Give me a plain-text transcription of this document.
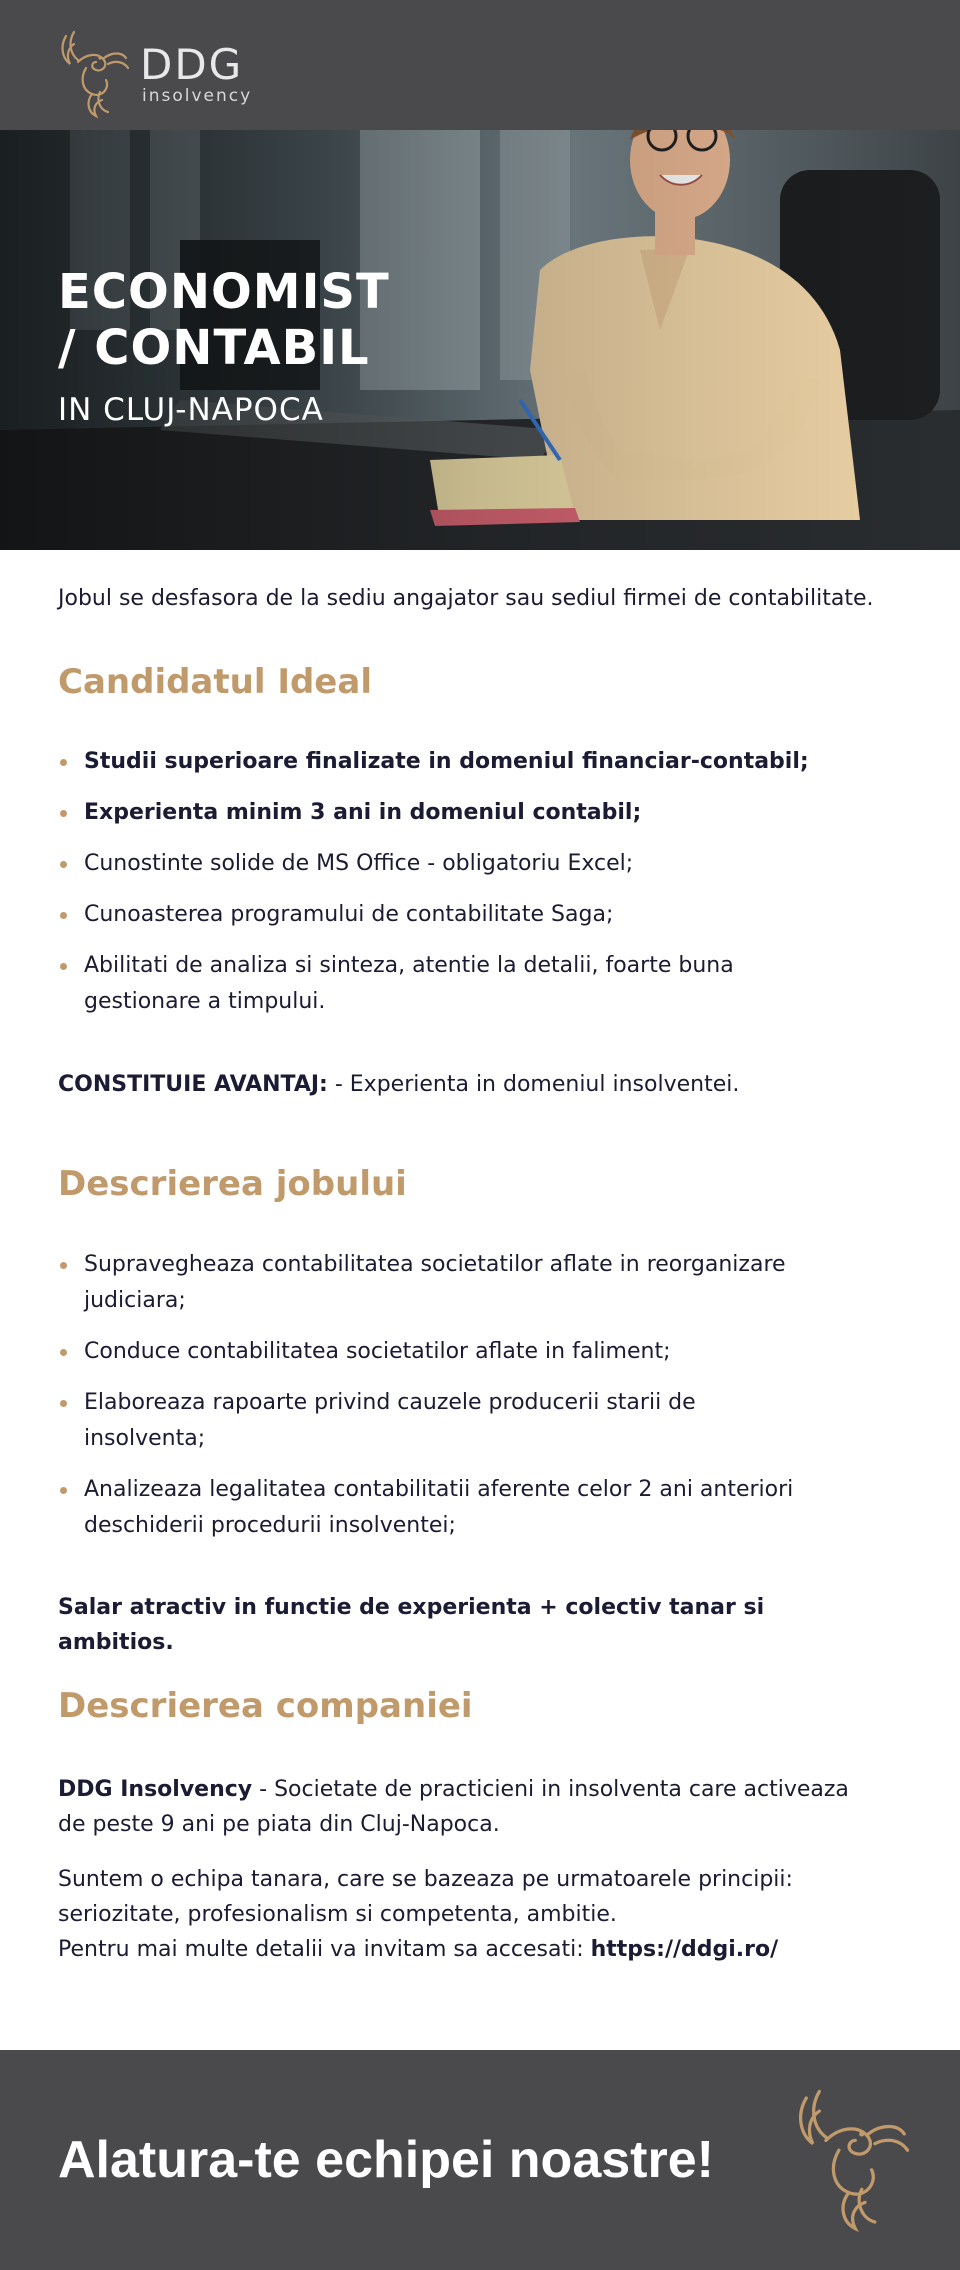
DDG
insolvency
ECONOMIST
/ CONTABIL
IN CLUJ-NAPOCA

Jobul se desfasora de la sediu angajator sau sediul firmei de contabilitate.

Candidatul Ideal
Studii superioare finalizate in domeniul financiar-contabil;
Experienta minim 3 ani in domeniul contabil;
Cunostinte solide de MS Office - obligatoriu Excel;
Cunoasterea programului de contabilitate Saga;
Abilitati de analiza si sinteza, atentie la detalii, foarte buna gestionare a timpului.

CONSTITUIE AVANTAJ: - Experienta in domeniul insolventei.

Descrierea jobului
Supravegheaza contabilitatea societatilor aflate in reorganizare judiciara;
Conduce contabilitatea societatilor aflate in faliment;
Elaboreaza rapoarte privind cauzele producerii starii de insolventa;
Analizeaza legalitatea contabilitatii aferente celor 2 ani anteriori deschiderii procedurii insolventei;

Salar atractiv in functie de experienta + colectiv tanar si ambitios.

Descrierea companiei

DDG Insolvency - Societate de practicieni in insolventa care activeaza de peste 9 ani pe piata din Cluj-Napoca.

Suntem o echipa tanara, care se bazeaza pe urmatoarele principii:
seriozitate, profesionalism si competenta, ambitie.
Pentru mai multe detalii va invitam sa accesati: https://ddgi.ro/

Alatura-te echipei noastre!
